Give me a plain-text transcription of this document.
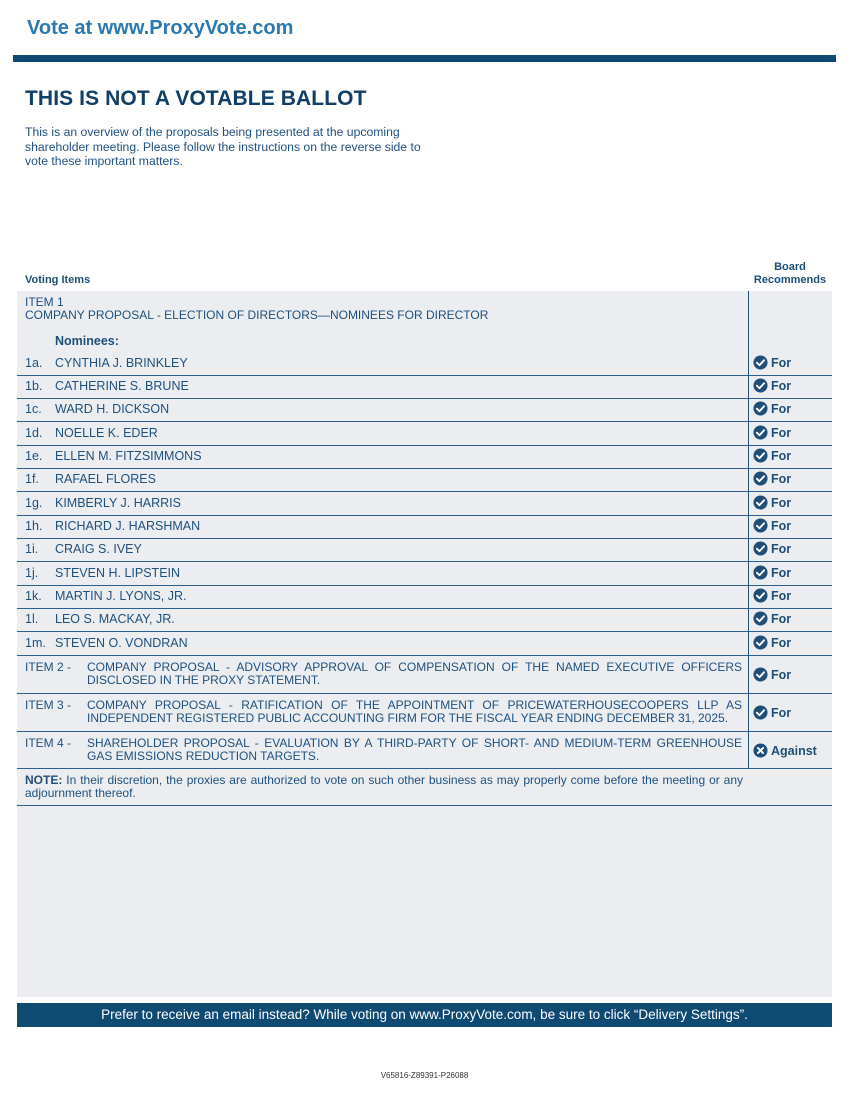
Vote at www.ProxyVote.com
THIS IS NOT A VOTABLE BALLOT
This is an overview of the proposals being presented at the upcoming shareholder meeting. Please follow the instructions on the reverse side to vote these important matters.
Voting Items
Board Recommends
ITEM 1
COMPANY PROPOSAL - ELECTION OF DIRECTORS—NOMINEES FOR DIRECTOR
Nominees:
1a. CYNTHIA J. BRINKLEY	For
1b. CATHERINE S. BRUNE	For
1c. WARD H. DICKSON	For
1d. NOELLE K. EDER	For
1e. ELLEN M. FITZSIMMONS	For
1f. RAFAEL FLORES	For
1g. KIMBERLY J. HARRIS	For
1h. RICHARD J. HARSHMAN	For
1i. CRAIG S. IVEY	For
1j. STEVEN H. LIPSTEIN	For
1k. MARTIN J. LYONS, JR.	For
1l. LEO S. MACKAY, JR.	For
1m. STEVEN O. VONDRAN	For
ITEM 2 - COMPANY PROPOSAL - ADVISORY APPROVAL OF COMPENSATION OF THE NAMED EXECUTIVE OFFICERS DISCLOSED IN THE PROXY STATEMENT.	For
ITEM 3 - COMPANY PROPOSAL - RATIFICATION OF THE APPOINTMENT OF PRICEWATERHOUSECOOPERS LLP AS INDEPENDENT REGISTERED PUBLIC ACCOUNTING FIRM FOR THE FISCAL YEAR ENDING DECEMBER 31, 2025.	For
ITEM 4 - SHAREHOLDER PROPOSAL - EVALUATION BY A THIRD-PARTY OF SHORT- AND MEDIUM-TERM GREENHOUSE GAS EMISSIONS REDUCTION TARGETS.	Against
NOTE: In their discretion, the proxies are authorized to vote on such other business as may properly come before the meeting or any adjournment thereof.
Prefer to receive an email instead? While voting on www.ProxyVote.com, be sure to click “Delivery Settings”.
V65816-Z89391-P26088
